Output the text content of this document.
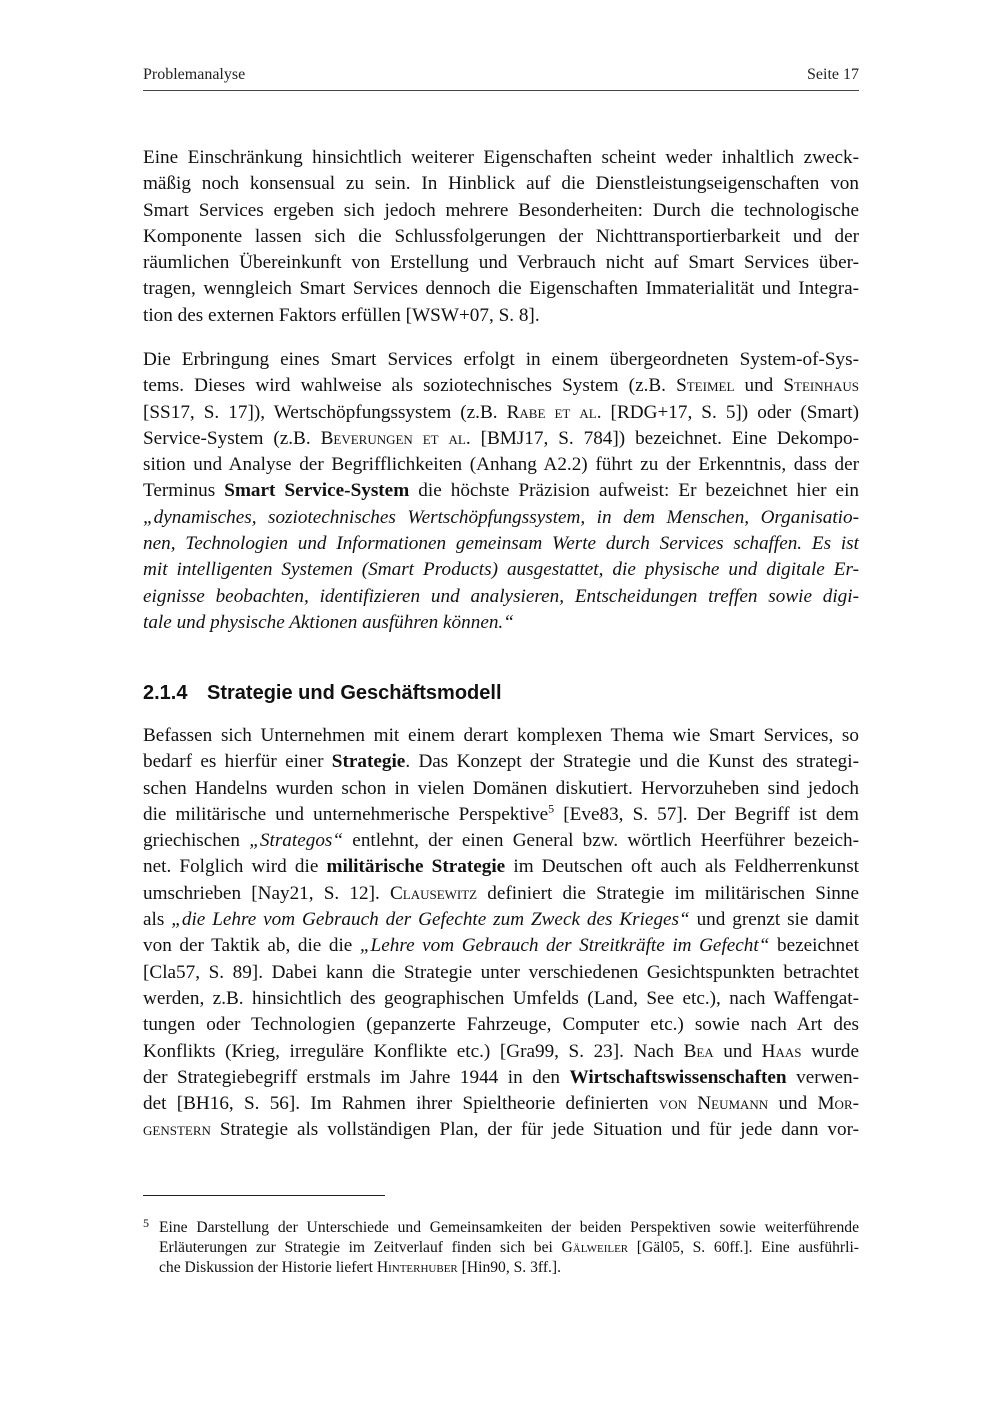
Problemanalyse	Seite 17
Eine Einschränkung hinsichtlich weiterer Eigenschaften scheint weder inhaltlich zweck-
mäßig noch konsensual zu sein. In Hinblick auf die Dienstleistungseigenschaften von
Smart Services ergeben sich jedoch mehrere Besonderheiten: Durch die technologische
Komponente lassen sich die Schlussfolgerungen der Nichttransportierbarkeit und der
räumlichen Übereinkunft von Erstellung und Verbrauch nicht auf Smart Services über-
tragen, wenngleich Smart Services dennoch die Eigenschaften Immaterialität und Integra-
tion des externen Faktors erfüllen [WSW+07, S. 8].
Die Erbringung eines Smart Services erfolgt in einem übergeordneten System-of-Sys-
tems. Dieses wird wahlweise als soziotechnisches System (z.B. Steimel und Steinhaus
[SS17, S. 17]), Wertschöpfungssystem (z.B. Rabe et al. [RDG+17, S. 5]) oder (Smart)
Service-System (z.B. Beverungen et al. [BMJ17, S. 784]) bezeichnet. Eine Dekompo-
sition und Analyse der Begrifflichkeiten (Anhang A2.2) führt zu der Erkenntnis, dass der
Terminus Smart Service-System die höchste Präzision aufweist: Er bezeichnet hier ein
„dynamisches, soziotechnisches Wertschöpfungssystem, in dem Menschen, Organisatio-
nen, Technologien und Informationen gemeinsam Werte durch Services schaffen. Es ist
mit intelligenten Systemen (Smart Products) ausgestattet, die physische und digitale Er-
eignisse beobachten, identifizieren und analysieren, Entscheidungen treffen sowie digi-
tale und physische Aktionen ausführen können.“
2.1.4 Strategie und Geschäftsmodell
Befassen sich Unternehmen mit einem derart komplexen Thema wie Smart Services, so
bedarf es hierfür einer Strategie. Das Konzept der Strategie und die Kunst des strategi-
schen Handelns wurden schon in vielen Domänen diskutiert. Hervorzuheben sind jedoch
die militärische und unternehmerische Perspektive$^5$ [Eve83, S. 57]. Der Begriff ist dem
griechischen „Strategos“ entlehnt, der einen General bzw. wörtlich Heerführer bezeich-
net. Folglich wird die militärische Strategie im Deutschen oft auch als Feldherrenkunst
umschrieben [Nay21, S. 12]. Clausewitz definiert die Strategie im militärischen Sinne
als „die Lehre vom Gebrauch der Gefechte zum Zweck des Krieges“ und grenzt sie damit
von der Taktik ab, die die „Lehre vom Gebrauch der Streitkräfte im Gefecht“ bezeichnet
[Cla57, S. 89]. Dabei kann die Strategie unter verschiedenen Gesichtspunkten betrachtet
werden, z.B. hinsichtlich des geographischen Umfelds (Land, See etc.), nach Waffengat-
tungen oder Technologien (gepanzerte Fahrzeuge, Computer etc.) sowie nach Art des
Konflikts (Krieg, irreguläre Konflikte etc.) [Gra99, S. 23]. Nach Bea und Haas wurde
der Strategiebegriff erstmals im Jahre 1944 in den Wirtschaftswissenschaften verwen-
det [BH16, S. 56]. Im Rahmen ihrer Spieltheorie definierten von Neumann und Mor-
genstern Strategie als vollständigen Plan, der für jede Situation und für jede dann vor-
5 Eine Darstellung der Unterschiede und Gemeinsamkeiten der beiden Perspektiven sowie weiterführende
Erläuterungen zur Strategie im Zeitverlauf finden sich bei Gälweiler [Gäl05, S. 60ff.]. Eine ausführli-
che Diskussion der Historie liefert Hinterhuber [Hin90, S. 3ff.].
